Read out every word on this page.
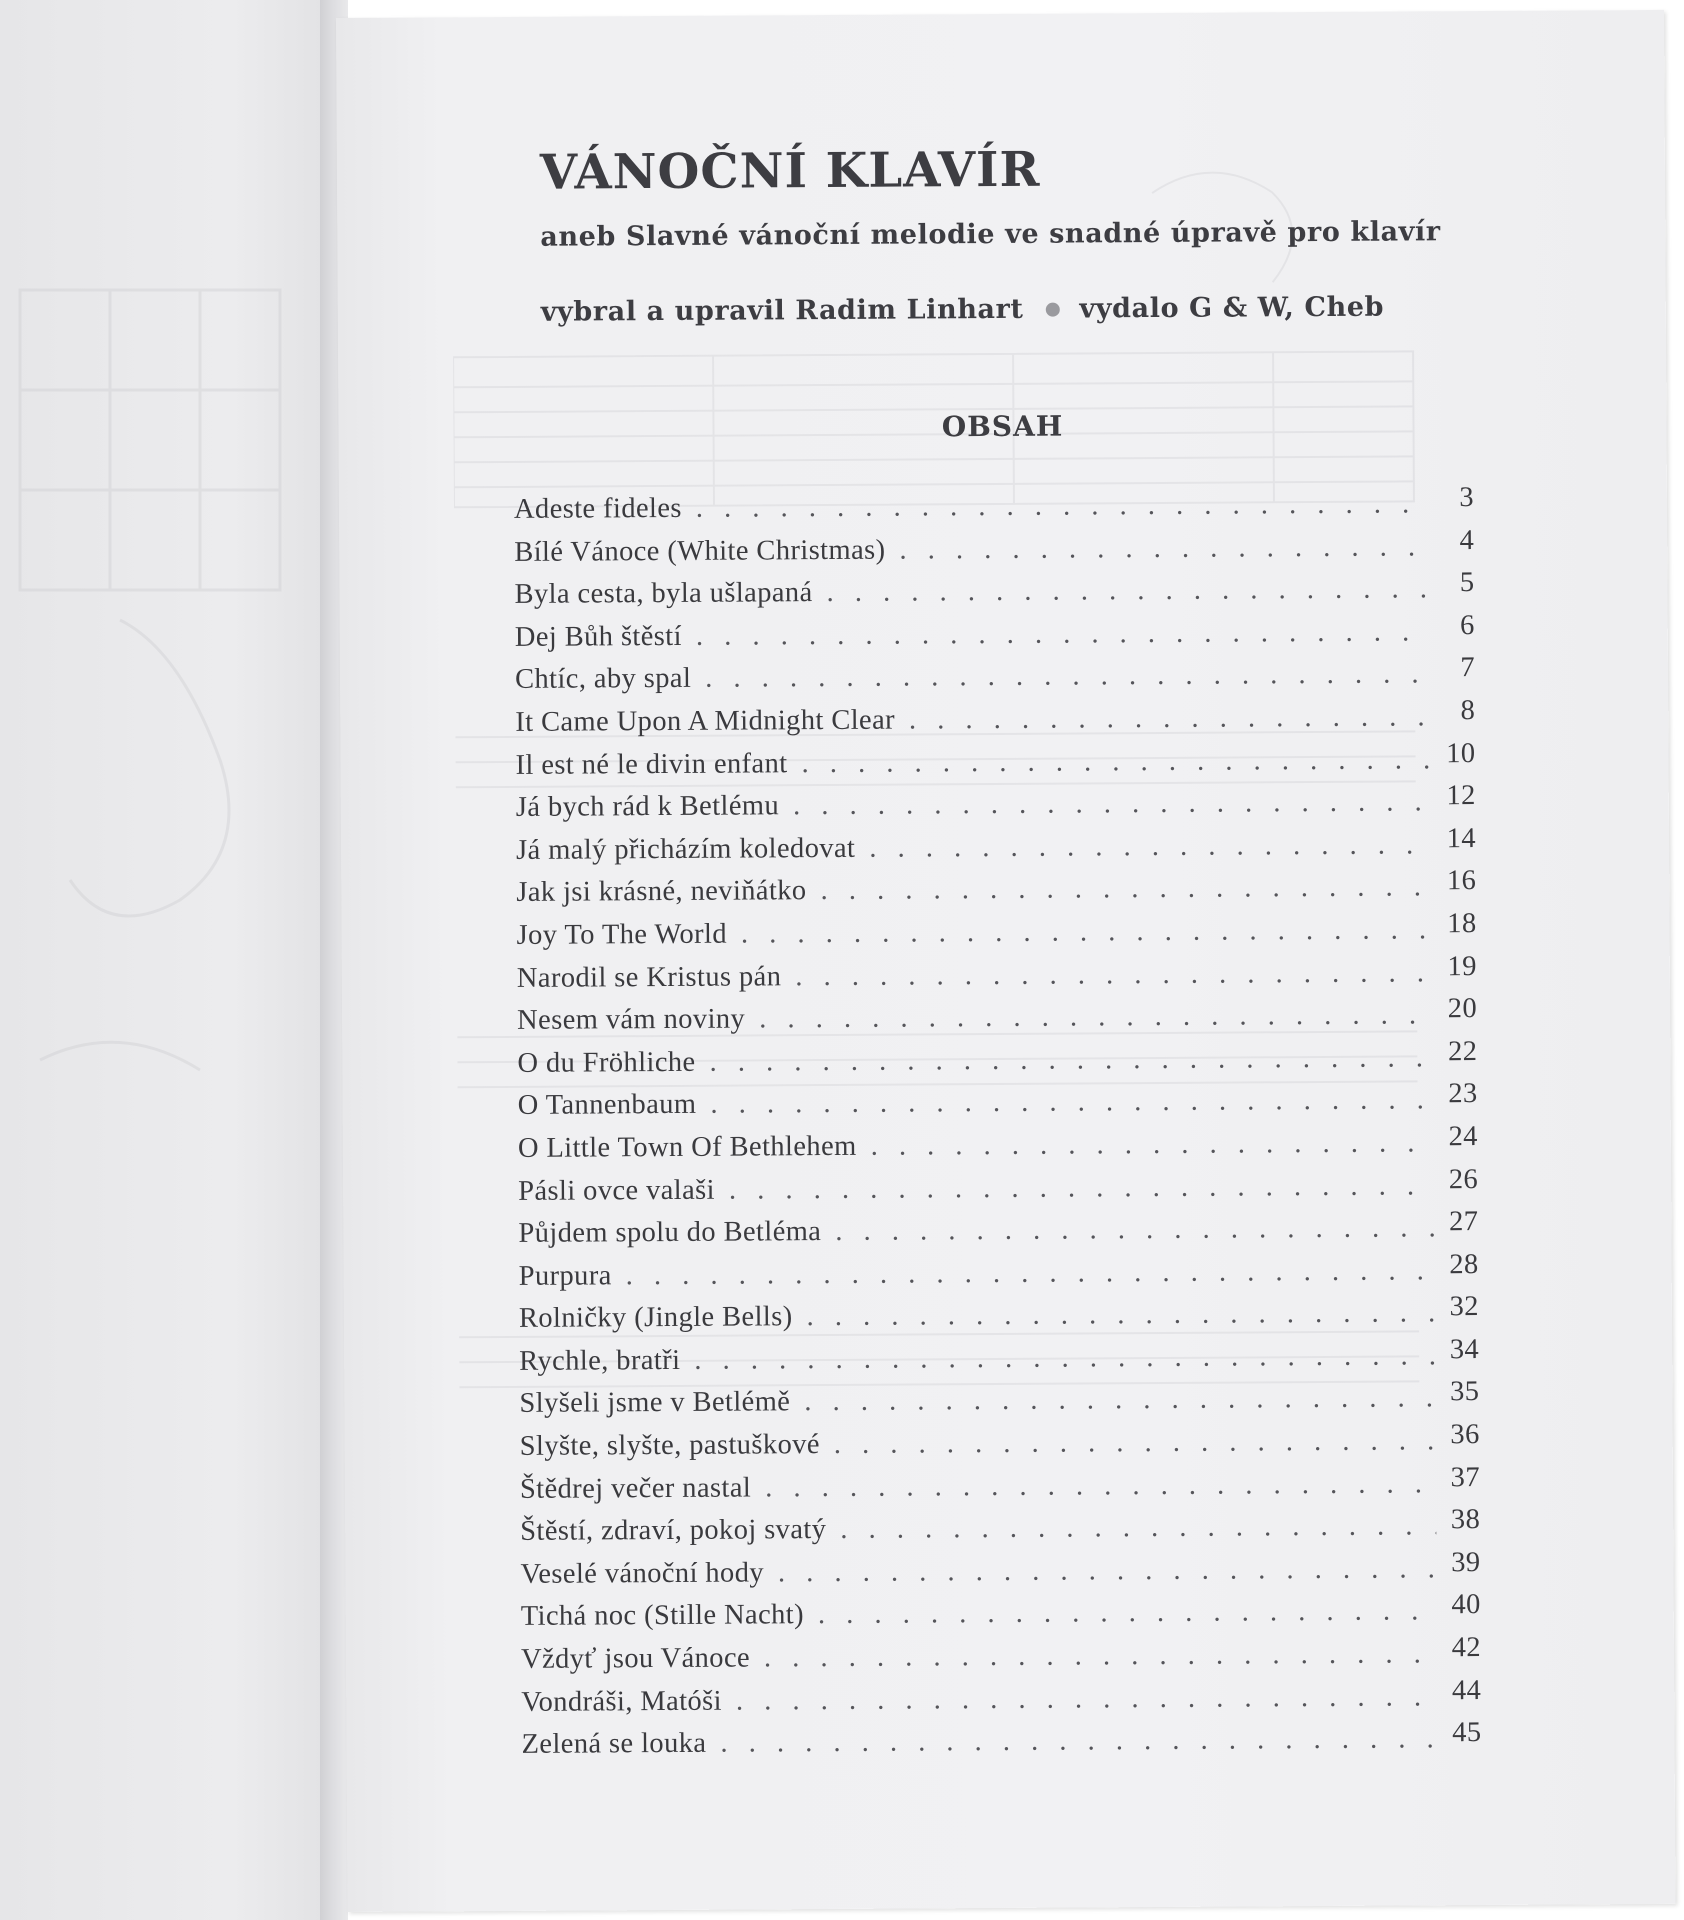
VÁNOČNÍ KLAVÍR
aneb Slavné vánoční melodie ve snadné úpravě pro klavír
vybral a upravil Radim Linhart vydalo G & W, Cheb
OBSAH
Adeste fideles . . .	3
Bílé Vánoce (White Christmas) . . .	4
Byla cesta, byla ušlapaná . . .	5
Dej Bůh štěstí . . .	6
Chtíc, aby spal . . .	7
It Came Upon A Midnight Clear . . .	8
Il est né le divin enfant . . .	10
Já bych rád k Betlému . . .	12
Já malý přicházím koledovat . . .	14
Jak jsi krásné, neviňátko . . .	16
Joy To The World . . .	18
Narodil se Kristus pán . . .	19
Nesem vám noviny . . .	20
O du Fröhliche . . .	22
O Tannenbaum . . .	23
O Little Town Of Bethlehem . . .	24
Pásli ovce valaši . . .	26
Půjdem spolu do Betléma . . .	27
Purpura . . .	28
Rolničky (Jingle Bells) . . .	32
Rychle, bratři . . .	34
Slyšeli jsme v Betlémě . . .	35
Slyšte, slyšte, pastuškové . . .	36
Štědrej večer nastal . . .	37
Štěstí, zdraví, pokoj svatý . . .	38
Veselé vánoční hody . . .	39
Tichá noc (Stille Nacht) . . .	40
Vždyť jsou Vánoce . . .	42
Vondráši, Matóši . . .	44
Zelená se louka . . .	45
